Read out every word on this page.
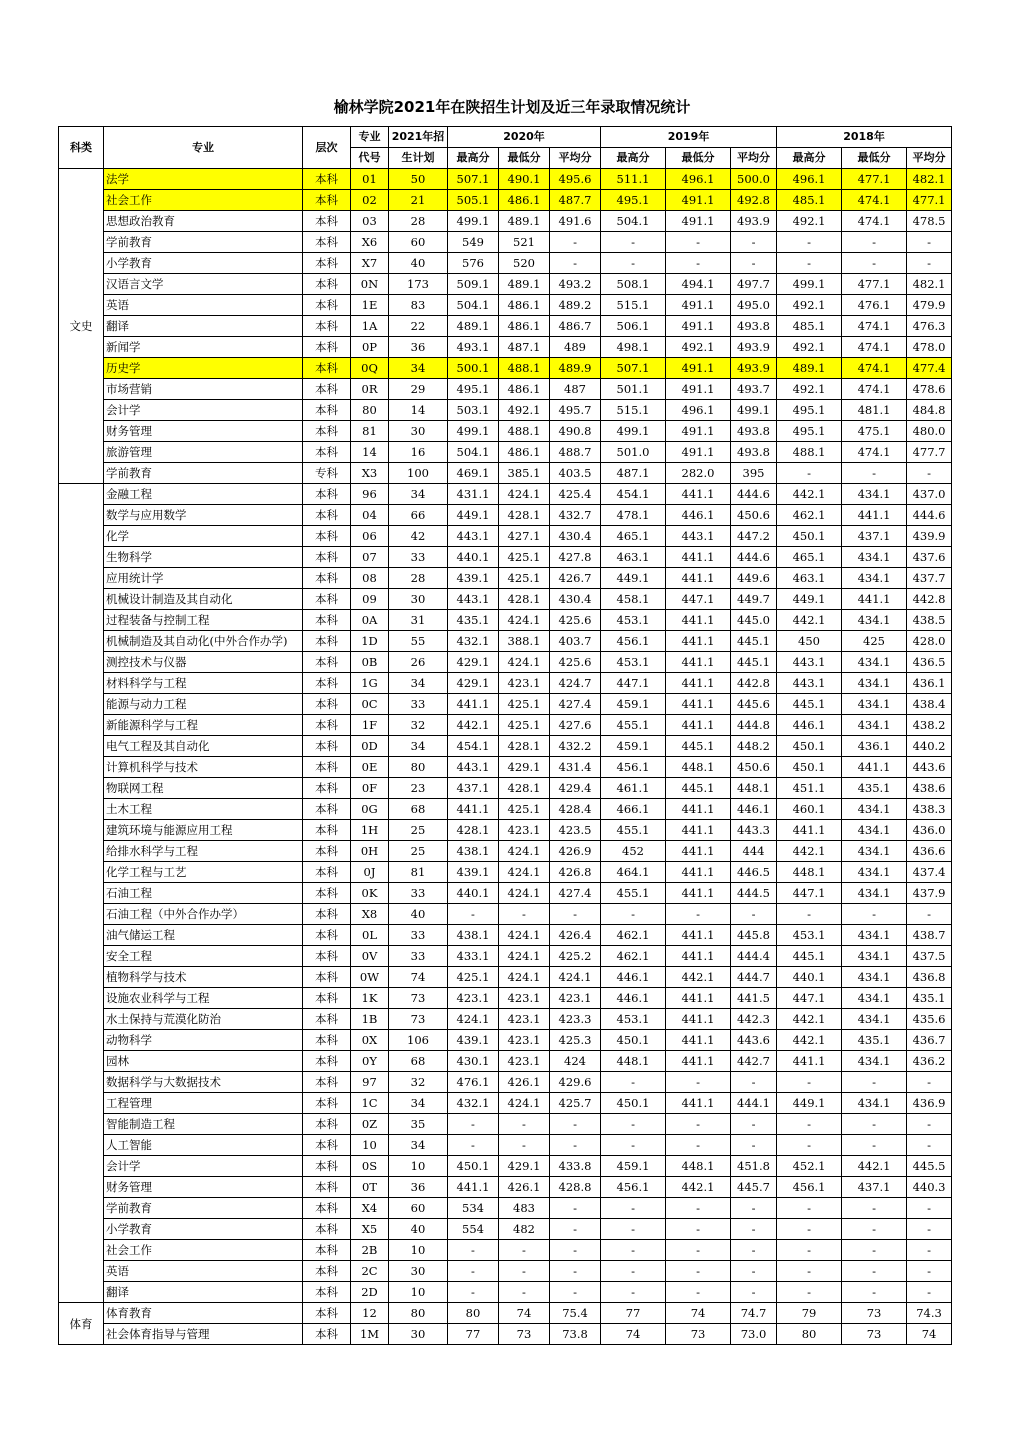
榆林学院2021年在陕招生计划及近三年录取情况统计
科类	专业	层次	专业	2021年招	2020年			2019年			2018年		
			代号	生计划	最高分	最低分	平均分	最高分	最低分	平均分	最高分	最低分	平均分
文史	法学	本科	01	50	507.1	490.1	495.6	511.1	496.1	500.0	496.1	477.1	482.1
	社会工作	本科	02	21	505.1	486.1	487.7	495.1	491.1	492.8	485.1	474.1	477.1
	思想政治教育	本科	03	28	499.1	489.1	491.6	504.1	491.1	493.9	492.1	474.1	478.5
	学前教育	本科	X6	60	549	521	-	-	-	-	-	-	-
	小学教育	本科	X7	40	576	520	-	-	-	-	-	-	-
	汉语言文学	本科	0N	173	509.1	489.1	493.2	508.1	494.1	497.7	499.1	477.1	482.1
	英语	本科	1E	83	504.1	486.1	489.2	515.1	491.1	495.0	492.1	476.1	479.9
	翻译	本科	1A	22	489.1	486.1	486.7	506.1	491.1	493.8	485.1	474.1	476.3
	新闻学	本科	0P	36	493.1	487.1	489	498.1	492.1	493.9	492.1	474.1	478.0
	历史学	本科	0Q	34	500.1	488.1	489.9	507.1	491.1	493.9	489.1	474.1	477.4
	市场营销	本科	0R	29	495.1	486.1	487	501.1	491.1	493.7	492.1	474.1	478.6
	会计学	本科	80	14	503.1	492.1	495.7	515.1	496.1	499.1	495.1	481.1	484.8
	财务管理	本科	81	30	499.1	488.1	490.8	499.1	491.1	493.8	495.1	475.1	480.0
	旅游管理	本科	14	16	504.1	486.1	488.7	501.0	491.1	493.8	488.1	474.1	477.7
	学前教育	专科	X3	100	469.1	385.1	403.5	487.1	282.0	395	-	-	-
	金融工程	本科	96	34	431.1	424.1	425.4	454.1	441.1	444.6	442.1	434.1	437.0
	数学与应用数学	本科	04	66	449.1	428.1	432.7	478.1	446.1	450.6	462.1	441.1	444.6
	化学	本科	06	42	443.1	427.1	430.4	465.1	443.1	447.2	450.1	437.1	439.9
	生物科学	本科	07	33	440.1	425.1	427.8	463.1	441.1	444.6	465.1	434.1	437.6
	应用统计学	本科	08	28	439.1	425.1	426.7	449.1	441.1	449.6	463.1	434.1	437.7
	机械设计制造及其自动化	本科	09	30	443.1	428.1	430.4	458.1	447.1	449.7	449.1	441.1	442.8
	过程装备与控制工程	本科	0A	31	435.1	424.1	425.6	453.1	441.1	445.0	442.1	434.1	438.5
	机械制造及其自动化(中外合作办学)	本科	1D	55	432.1	388.1	403.7	456.1	441.1	445.1	450	425	428.0
	测控技术与仪器	本科	0B	26	429.1	424.1	425.6	453.1	441.1	445.1	443.1	434.1	436.5
	材料科学与工程	本科	1G	34	429.1	423.1	424.7	447.1	441.1	442.8	443.1	434.1	436.1
	能源与动力工程	本科	0C	33	441.1	425.1	427.4	459.1	441.1	445.6	445.1	434.1	438.4
	新能源科学与工程	本科	1F	32	442.1	425.1	427.6	455.1	441.1	444.8	446.1	434.1	438.2
	电气工程及其自动化	本科	0D	34	454.1	428.1	432.2	459.1	445.1	448.2	450.1	436.1	440.2
	计算机科学与技术	本科	0E	80	443.1	429.1	431.4	456.1	448.1	450.6	450.1	441.1	443.6
	物联网工程	本科	0F	23	437.1	428.1	429.4	461.1	445.1	448.1	451.1	435.1	438.6
	土木工程	本科	0G	68	441.1	425.1	428.4	466.1	441.1	446.1	460.1	434.1	438.3
	建筑环境与能源应用工程	本科	1H	25	428.1	423.1	423.5	455.1	441.1	443.3	441.1	434.1	436.0
	给排水科学与工程	本科	0H	25	438.1	424.1	426.9	452	441.1	444	442.1	434.1	436.6
	化学工程与工艺	本科	0J	81	439.1	424.1	426.8	464.1	441.1	446.5	448.1	434.1	437.4
	石油工程	本科	0K	33	440.1	424.1	427.4	455.1	441.1	444.5	447.1	434.1	437.9
	石油工程（中外合作办学）	本科	X8	40	-	-	-	-	-	-	-	-	-
	油气储运工程	本科	0L	33	438.1	424.1	426.4	462.1	441.1	445.8	453.1	434.1	438.7
	安全工程	本科	0V	33	433.1	424.1	425.2	462.1	441.1	444.4	445.1	434.1	437.5
	植物科学与技术	本科	0W	74	425.1	424.1	424.1	446.1	442.1	444.7	440.1	434.1	436.8
	设施农业科学与工程	本科	1K	73	423.1	423.1	423.1	446.1	441.1	441.5	447.1	434.1	435.1
	水土保持与荒漠化防治	本科	1B	73	424.1	423.1	423.3	453.1	441.1	442.3	442.1	434.1	435.6
	动物科学	本科	0X	106	439.1	423.1	425.3	450.1	441.1	443.6	442.1	435.1	436.7
	园林	本科	0Y	68	430.1	423.1	424	448.1	441.1	442.7	441.1	434.1	436.2
	数据科学与大数据技术	本科	97	32	476.1	426.1	429.6	-	-	-	-	-	-
	工程管理	本科	1C	34	432.1	424.1	425.7	450.1	441.1	444.1	449.1	434.1	436.9
	智能制造工程	本科	0Z	35	-	-	-	-	-	-	-	-	-
	人工智能	本科	10	34	-	-	-	-	-	-	-	-	-
	会计学	本科	0S	10	450.1	429.1	433.8	459.1	448.1	451.8	452.1	442.1	445.5
	财务管理	本科	0T	36	441.1	426.1	428.8	456.1	442.1	445.7	456.1	437.1	440.3
	学前教育	本科	X4	60	534	483	-	-	-	-	-	-	-
	小学教育	本科	X5	40	554	482	-	-	-	-	-	-	-
	社会工作	本科	2B	10	-	-	-	-	-	-	-	-	-
	英语	本科	2C	30	-	-	-	-	-	-	-	-	-
	翻译	本科	2D	10	-	-	-	-	-	-	-	-	-
体育	体育教育	本科	12	80	80	74	75.4	77	74	74.7	79	73	74.3
	社会体育指导与管理	本科	1M	30	77	73	73.8	74	73	73.0	80	73	74
